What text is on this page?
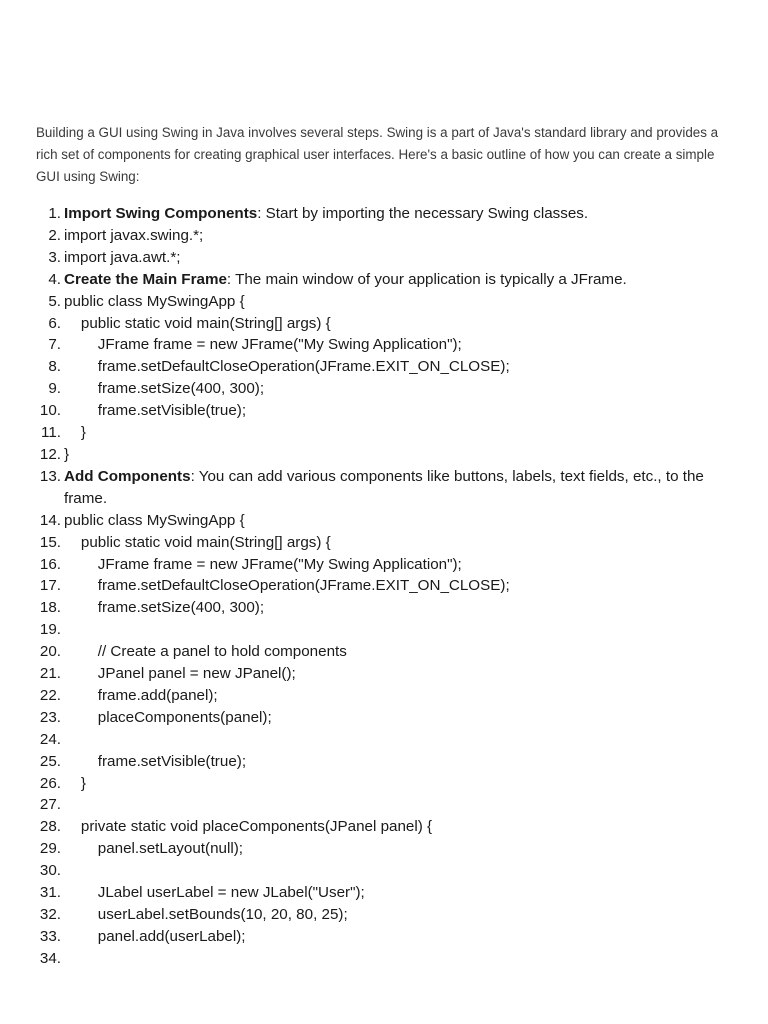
Building a GUI using Swing in Java involves several steps. Swing is a part of Java's standard library and provides a rich set of components for creating graphical user interfaces. Here's a basic outline of how you can create a simple GUI using Swing:

1. Import Swing Components: Start by importing the necessary Swing classes.
2. import javax.swing.*;
3. import java.awt.*;
4. Create the Main Frame: The main window of your application is typically a JFrame.
5. public class MySwingApp {
6. public static void main(String[] args) {
7. JFrame frame = new JFrame("My Swing Application");
8. frame.setDefaultCloseOperation(JFrame.EXIT_ON_CLOSE);
9. frame.setSize(400, 300);
10. frame.setVisible(true);
11. }
12. }
13. Add Components: You can add various components like buttons, labels, text fields, etc., to the frame.
14. public class MySwingApp {
15. public static void main(String[] args) {
16. JFrame frame = new JFrame("My Swing Application");
17. frame.setDefaultCloseOperation(JFrame.EXIT_ON_CLOSE);
18. frame.setSize(400, 300);
19.
20. // Create a panel to hold components
21. JPanel panel = new JPanel();
22. frame.add(panel);
23. placeComponents(panel);
24.
25. frame.setVisible(true);
26. }
27.
28. private static void placeComponents(JPanel panel) {
29. panel.setLayout(null);
30.
31. JLabel userLabel = new JLabel("User");
32. userLabel.setBounds(10, 20, 80, 25);
33. panel.add(userLabel);
34.
